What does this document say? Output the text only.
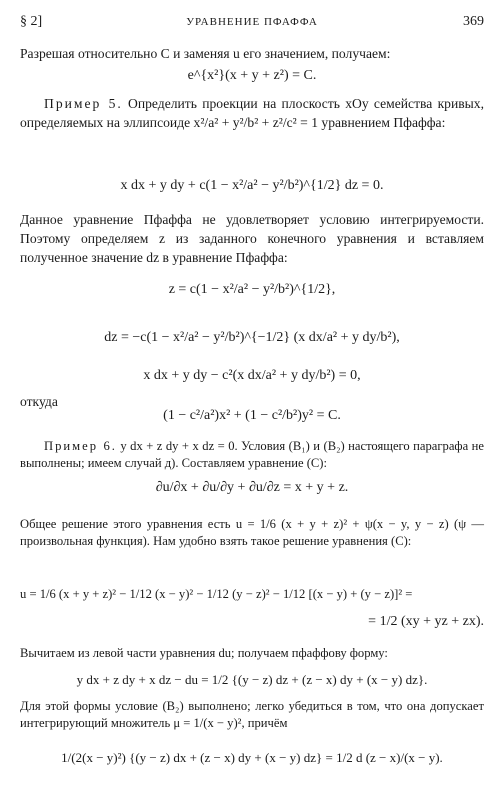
§ 2]	УРАВНЕНИЕ ПФАФФА	369
Разрешая относительно C и заменяя u его значением, получаем:
e^{x²}(x + y + z²) = C.
Пример 5. Определить проекции на плоскость xOy семейства кривых, определяемых на эллипсоиде x²/a² + y²/b² + z²/c² = 1 уравнением Пфаффа:
x dx + y dy + c(1 − x²/a² − y²/b²)^{1/2} dz = 0.
Данное уравнение Пфаффа не удовлетворяет условию интегрируемости. Поэтому определяем z из заданного конечного уравнения и вставляем полученное значение dz в уравнение Пфаффа:
z = c(1 − x²/a² − y²/b²)^{1/2},
dz = −c(1 − x²/a² − y²/b²)^{−1/2} (x dx/a² + y dy/b²),
x dx + y dy − c²(x dx/a² + y dy/b²) = 0,
откуда
(1 − c²/a²)x² + (1 − c²/b²)y² = C.
Пример 6. y dx + z dy + x dz = 0. Условия (B₁) и (B₂) настоящего параграфа не выполнены; имеем случай д). Составляем уравнение (C):
∂u/∂x + ∂u/∂y + ∂u/∂z = x + y + z.
Общее решение этого уравнения есть u = 1/6 (x + y + z)² + ψ(x − y, y − z) (ψ — произвольная функция). Нам удобно взять такое решение уравнения (C):
u = 1/6 (x + y + z)² − 1/12 (x − y)² − 1/12 (y − z)² − 1/12 [(x − y) + (y − z)]² =
= 1/2 (xy + yz + zx).
Вычитаем из левой части уравнения du; получаем пфаффову форму:
y dx + z dy + x dz − du = 1/2 {(y − z) dz + (z − x) dy + (x − y) dz}.
Для этой формы условие (B₂) выполнено; легко убедиться в том, что она допускает интегрирующий множитель μ = 1/(x − y)², причём
1/(2(x − y)²) {(y − z) dx + (z − x) dy + (x − y) dz} = 1/2 d (z − x)/(x − y).
